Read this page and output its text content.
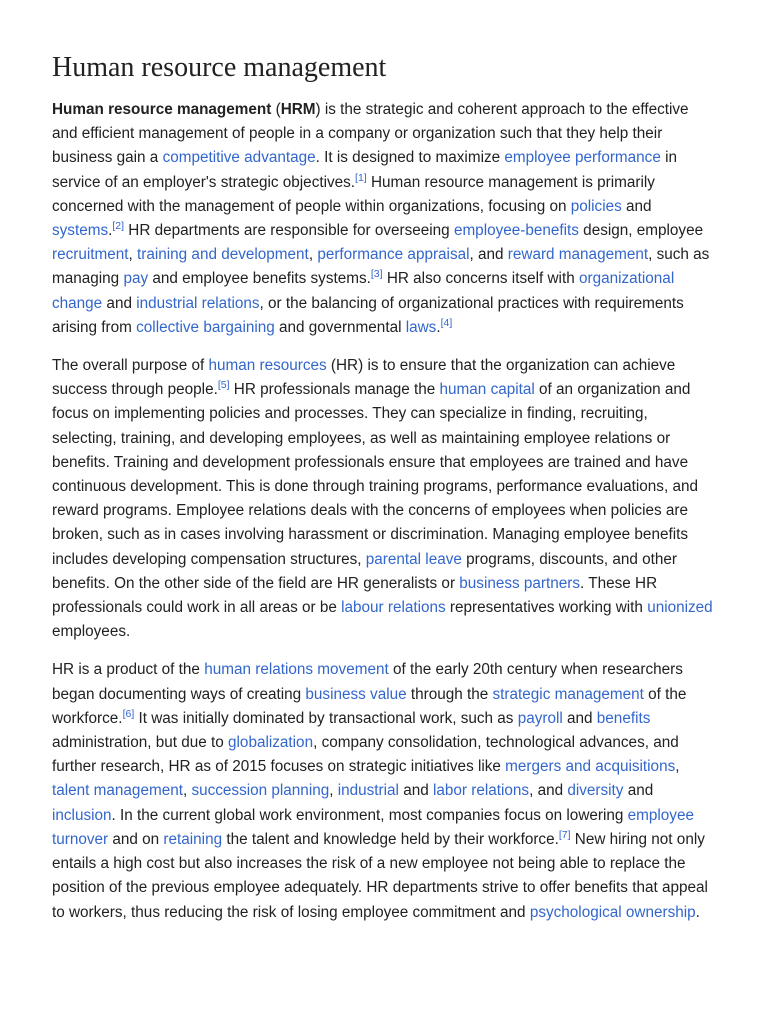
Human resource management

Human resource management (HRM) is the strategic and coherent approach to the effective and efficient management of people in a company or organization such that they help their business gain a competitive advantage. It is designed to maximize employee performance in service of an employer's strategic objectives.[1] Human resource management is primarily concerned with the management of people within organizations, focusing on policies and systems.[2] HR departments are responsible for overseeing employee-benefits design, employee recruitment, training and development, performance appraisal, and reward management, such as managing pay and employee benefits systems.[3] HR also concerns itself with organizational change and industrial relations, or the balancing of organizational practices with requirements arising from collective bargaining and governmental laws.[4]

The overall purpose of human resources (HR) is to ensure that the organization can achieve success through people.[5] HR professionals manage the human capital of an organization and focus on implementing policies and processes. They can specialize in finding, recruiting, selecting, training, and developing employees, as well as maintaining employee relations or benefits. Training and development professionals ensure that employees are trained and have continuous development. This is done through training programs, performance evaluations, and reward programs. Employee relations deals with the concerns of employees when policies are broken, such as in cases involving harassment or discrimination. Managing employee benefits includes developing compensation structures, parental leave programs, discounts, and other benefits. On the other side of the field are HR generalists or business partners. These HR professionals could work in all areas or be labour relations representatives working with unionized employees.

HR is a product of the human relations movement of the early 20th century when researchers began documenting ways of creating business value through the strategic management of the workforce.[6] It was initially dominated by transactional work, such as payroll and benefits administration, but due to globalization, company consolidation, technological advances, and further research, HR as of 2015 focuses on strategic initiatives like mergers and acquisitions, talent management, succession planning, industrial and labor relations, and diversity and inclusion. In the current global work environment, most companies focus on lowering employee turnover and on retaining the talent and knowledge held by their workforce.[7] New hiring not only entails a high cost but also increases the risk of a new employee not being able to replace the position of the previous employee adequately. HR departments strive to offer benefits that appeal to workers, thus reducing the risk of losing employee commitment and psychological ownership.
